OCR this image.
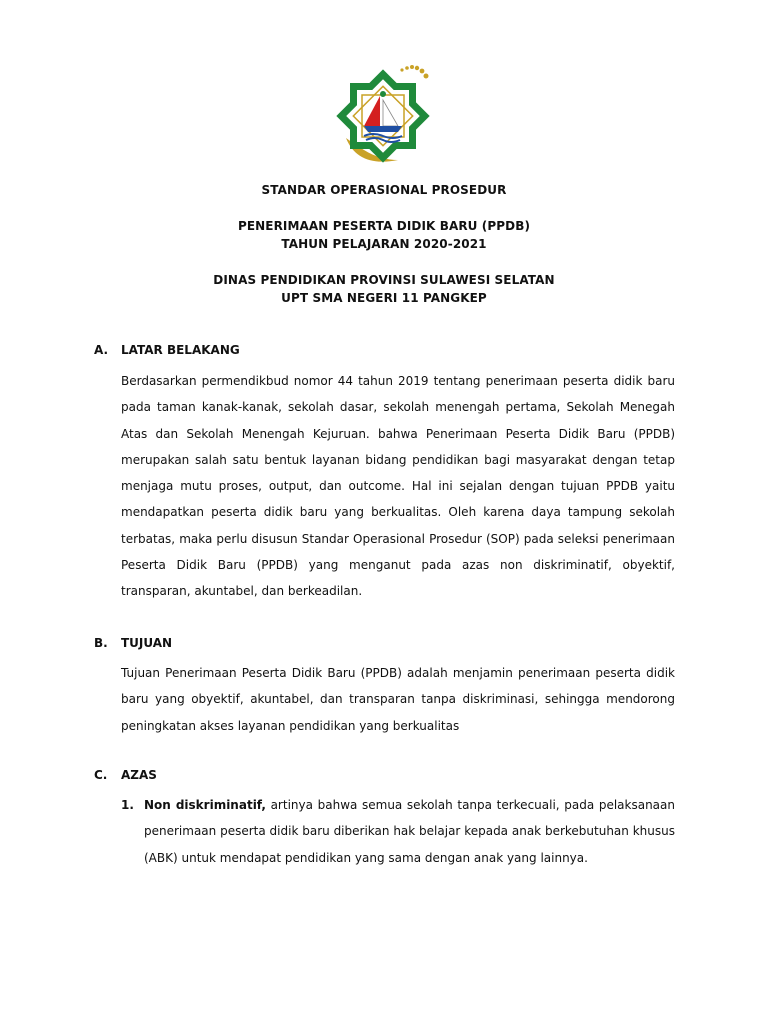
STANDAR OPERASIONAL PROSEDUR
PENERIMAAN PESERTA DIDIK BARU (PPDB)
TAHUN PELAJARAN 2020-2021
DINAS PENDIDIKAN PROVINSI SULAWESI SELATAN
UPT SMA NEGERI 11 PANGKEP
A. LATAR BELAKANG
Berdasarkan permendikbud nomor 44 tahun 2019 tentang penerimaan peserta didik baru pada taman kanak-kanak, sekolah dasar, sekolah menengah pertama, Sekolah Menegah Atas dan Sekolah Menengah Kejuruan. bahwa Penerimaan Peserta Didik Baru (PPDB) merupakan salah satu bentuk layanan bidang pendidikan bagi masyarakat dengan tetap menjaga mutu proses, output, dan outcome. Hal ini sejalan dengan tujuan PPDB yaitu mendapatkan peserta didik baru yang berkualitas. Oleh karena daya tampung sekolah terbatas, maka perlu disusun Standar Operasional Prosedur (SOP) pada seleksi penerimaan Peserta Didik Baru (PPDB) yang menganut pada azas non diskriminatif, obyektif, transparan, akuntabel, dan berkeadilan.
B. TUJUAN
Tujuan Penerimaan Peserta Didik Baru (PPDB) adalah menjamin penerimaan peserta didik baru yang obyektif, akuntabel, dan transparan tanpa diskriminasi, sehingga mendorong peningkatan akses layanan pendidikan yang berkualitas
C. AZAS
1. Non diskriminatif, artinya bahwa semua sekolah tanpa terkecuali, pada pelaksanaan penerimaan peserta didik baru diberikan hak belajar kepada anak berkebutuhan khusus (ABK) untuk mendapat pendidikan yang sama dengan anak yang lainnya.
